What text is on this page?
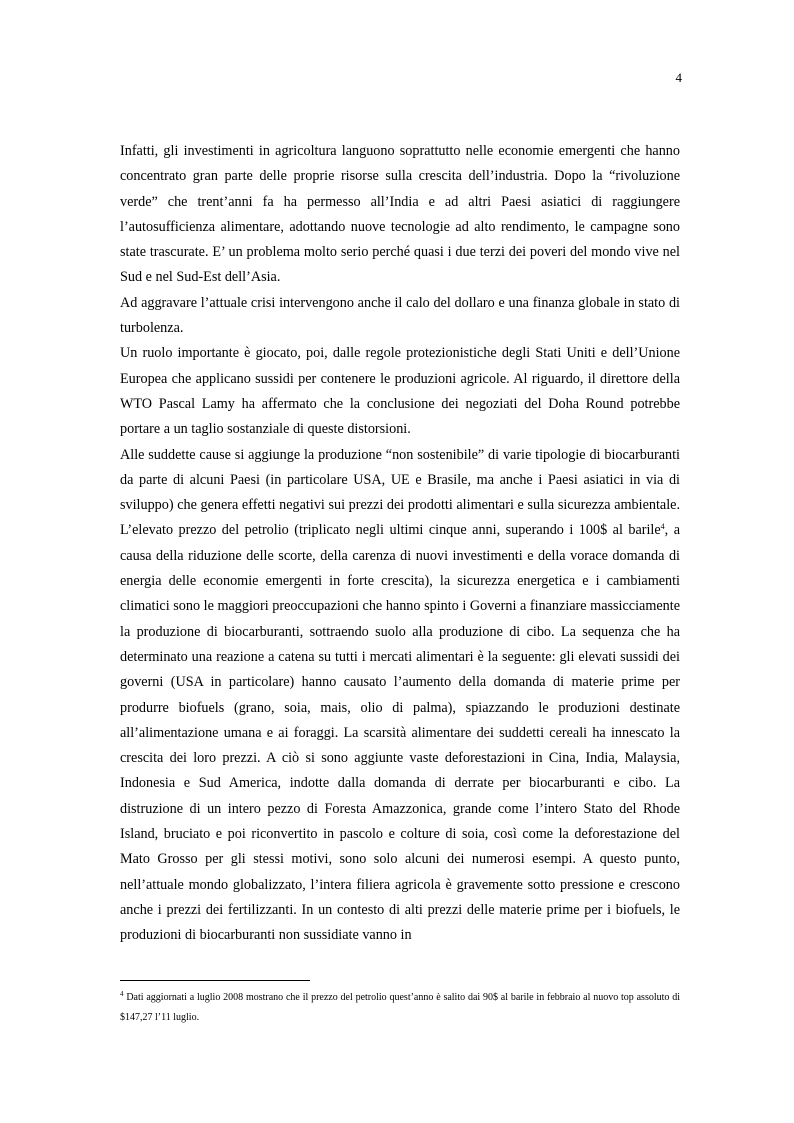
4

Infatti, gli investimenti in agricoltura languono soprattutto nelle economie emergenti che hanno concentrato gran parte delle proprie risorse sulla crescita dell’industria. Dopo la “rivoluzione verde” che trent’anni fa ha permesso all’India e ad altri Paesi asiatici di raggiungere l’autosufficienza alimentare, adottando nuove tecnologie ad alto rendimento, le campagne sono state trascurate. E’ un problema molto serio perché quasi i due terzi dei poveri del mondo vive nel Sud e nel Sud-Est dell’Asia.

Ad aggravare l’attuale crisi intervengono anche il calo del dollaro e una finanza globale in stato di turbolenza.

Un ruolo importante è giocato, poi, dalle regole protezionistiche degli Stati Uniti e dell’Unione Europea che applicano sussidi per contenere le produzioni agricole. Al riguardo, il direttore della WTO Pascal Lamy ha affermato che la conclusione dei negoziati del Doha Round potrebbe portare a un taglio sostanziale di queste distorsioni.

Alle suddette cause si aggiunge la produzione “non sostenibile” di varie tipologie di biocarburanti da parte di alcuni Paesi (in particolare USA, UE e Brasile, ma anche i Paesi asiatici in via di sviluppo) che genera effetti negativi sui prezzi dei prodotti alimentari e sulla sicurezza ambientale. L’elevato prezzo del petrolio (triplicato negli ultimi cinque anni, superando i 100$ al barile$^4$, a causa della riduzione delle scorte, della carenza di nuovi investimenti e della vorace domanda di energia delle economie emergenti in forte crescita), la sicurezza energetica e i cambiamenti climatici sono le maggiori preoccupazioni che hanno spinto i Governi a finanziare massicciamente la produzione di biocarburanti, sottraendo suolo alla produzione di cibo. La sequenza che ha determinato una reazione a catena su tutti i mercati alimentari è la seguente: gli elevati sussidi dei governi (USA in particolare) hanno causato l’aumento della domanda di materie prime per produrre biofuels (grano, soia, mais, olio di palma), spiazzando le produzioni destinate all’alimentazione umana e ai foraggi. La scarsità alimentare dei suddetti cereali ha innescato la crescita dei loro prezzi. A ciò si sono aggiunte vaste deforestazioni in Cina, India, Malaysia, Indonesia e Sud America, indotte dalla domanda di derrate per biocarburanti e cibo. La distruzione di un intero pezzo di Foresta Amazzonica, grande come l’intero Stato del Rhode Island, bruciato e poi riconvertito in pascolo e colture di soia, così come la deforestazione del Mato Grosso per gli stessi motivi, sono solo alcuni dei numerosi esempi. A questo punto, nell’attuale mondo globalizzato, l’intera filiera agricola è gravemente sotto pressione e crescono anche i prezzi dei fertilizzanti. In un contesto di alti prezzi delle materie prime per i biofuels, le produzioni di biocarburanti non sussidiate vanno in

$^4$ Dati aggiornati a luglio 2008 mostrano che il prezzo del petrolio quest’anno è salito dai 90$ al barile in febbraio al nuovo top assoluto di $147,27 l’11 luglio.
